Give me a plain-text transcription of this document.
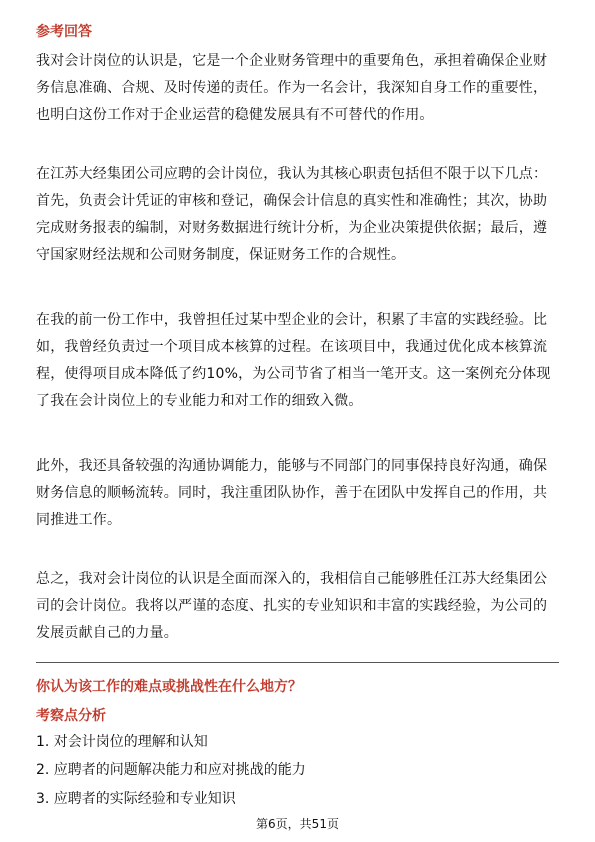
参考回答
我对会计岗位的认识是，它是一个企业财务管理中的重要角色，承担着确保企业财
务信息准确、合规、及时传递的责任。作为一名会计，我深知自身工作的重要性，
也明白这份工作对于企业运营的稳健发展具有不可替代的作用。
在江苏大经集团公司应聘的会计岗位，我认为其核心职责包括但不限于以下几点：
首先，负责会计凭证的审核和登记，确保会计信息的真实性和准确性；其次，协助
完成财务报表的编制，对财务数据进行统计分析，为企业决策提供依据；最后，遵
守国家财经法规和公司财务制度，保证财务工作的合规性。
在我的前一份工作中，我曾担任过某中型企业的会计，积累了丰富的实践经验。比
如，我曾经负责过一个项目成本核算的过程。在该项目中，我通过优化成本核算流
程，使得项目成本降低了约10%，为公司节省了相当一笔开支。这一案例充分体现
了我在会计岗位上的专业能力和对工作的细致入微。
此外，我还具备较强的沟通协调能力，能够与不同部门的同事保持良好沟通，确保
财务信息的顺畅流转。同时，我注重团队协作，善于在团队中发挥自己的作用，共
同推进工作。
总之，我对会计岗位的认识是全面而深入的，我相信自己能够胜任江苏大经集团公
司的会计岗位。我将以严谨的态度、扎实的专业知识和丰富的实践经验，为公司的
发展贡献自己的力量。
你认为该工作的难点或挑战性在什么地方？
考察点分析
1. 对会计岗位的理解和认知
2. 应聘者的问题解决能力和应对挑战的能力
3. 应聘者的实际经验和专业知识
第6页，共51页
